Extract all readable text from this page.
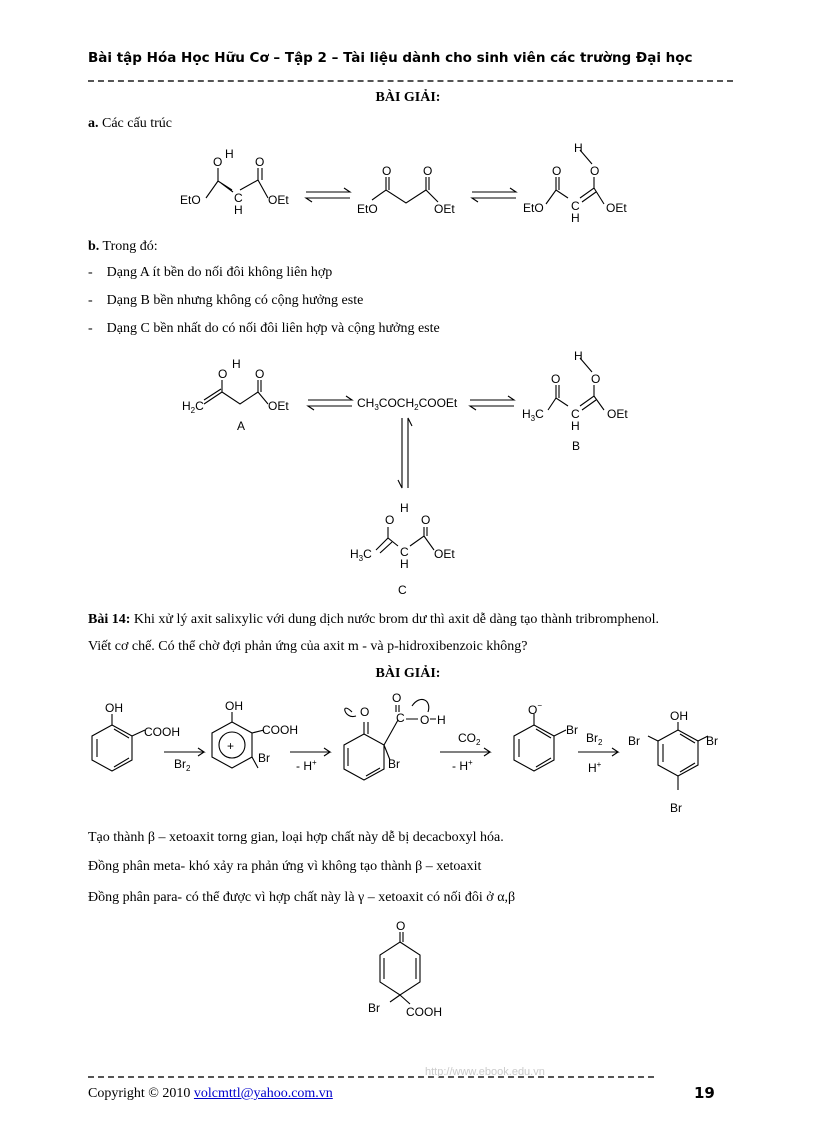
Bài tập Hóa Học Hữu Cơ – Tập 2 – Tài liệu dành cho sinh viên các trường Đại học
BÀI GIẢI:
a. Các cấu trúc
O
H
O
EtO	C
H
OEt
O	O
EtO	OEt
H
O O
EtO C
H
OEt
b. Trong đó:
-    Dạng A ít bền do nối đôi không liên hợp
-    Dạng B bền nhưng không có cộng hưởng este
-    Dạng C bền nhất do có nối đôi liên hợp và cộng hưởng este
O
H
O
$H_2C$	OEt
A
$CH_3COCH_2COOEt$
H
O	O
$H_3C$ C
H
OEt
B
O
H
O
$H_3C$ C
H
OEt
C
Bài 14: Khi xử lý axit salixylic với dung dịch nước brom dư thì axit dễ dàng tạo thành tribromphenol.
Viết cơ chế. Có thể chờ đợi phản ứng của axit m - và p-hidroxibenzoic không?
BÀI GIẢI:
OH
COOH
$Br_2$
+
OH
COOH
Br
- H+
O C
O
O H
Br
$CO_2$
- H+
O−
Br
$Br_2$
H+
OH
Br	Br
Br
Tạo thành β – xetoaxit torng gian, loại hợp chất này dễ bị decacboxyl hóa.
Đồng phân meta- khó xảy ra phản ứng vì không tạo thành β – xetoaxit
Đồng phân para- có thể được vì hợp chất này là γ – xetoaxit có nối đôi ở α,β
O
Br COOH
http://www.ebook.edu.vn
Copyright © 2010 volcmttl@yahoo.com.vn	19
